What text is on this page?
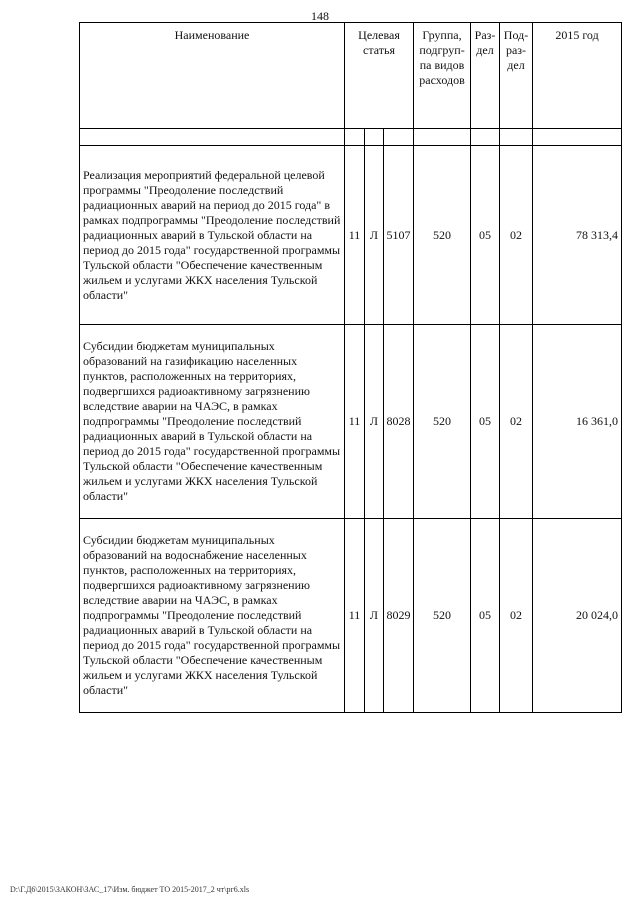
148
Наименование	Целевая статья			Группа, подгруп-па видов расходов	Раз-дел	Под-раз-дел	2015 год

Реализация мероприятий федеральной целевой программы "Преодоление последствий радиационных аварий на период до 2015 года" в рамках подпрограммы "Преодоление последствий радиационных аварий в Тульской области на период до 2015 года" государственной программы Тульской области "Обеспечение качественным жильем и услугами ЖКХ населения Тульской области"	11	Л	5107	520	05	02	78 313,4
Субсидии бюджетам муниципальных образований на газификацию населенных пунктов, расположенных на территориях, подвергшихся радиоактивному загрязнению вследствие аварии на ЧАЭС, в рамках подпрограммы "Преодоление последствий радиационных аварий в Тульской области на период до 2015 года" государственной программы Тульской области "Обеспечение качественным жильем и услугами ЖКХ населения Тульской области"	11	Л	8028	520	05	02	16 361,0
Субсидии бюджетам муниципальных образований на водоснабжение населенных пунктов, расположенных на территориях, подвергшихся радиоактивному загрязнению вследствие аварии на ЧАЭС, в рамках подпрограммы "Преодоление последствий радиационных аварий в Тульской области на период до 2015 года" государственной программы Тульской области "Обеспечение качественным жильем и услугами ЖКХ населения Тульской области"	11	Л	8029	520	05	02	20 024,0
D:\Г.Д6\2015\ЗАКОН\ЗАС_17\Изм. бюджет ТО 2015-2017_2 чт\рг6.xls
